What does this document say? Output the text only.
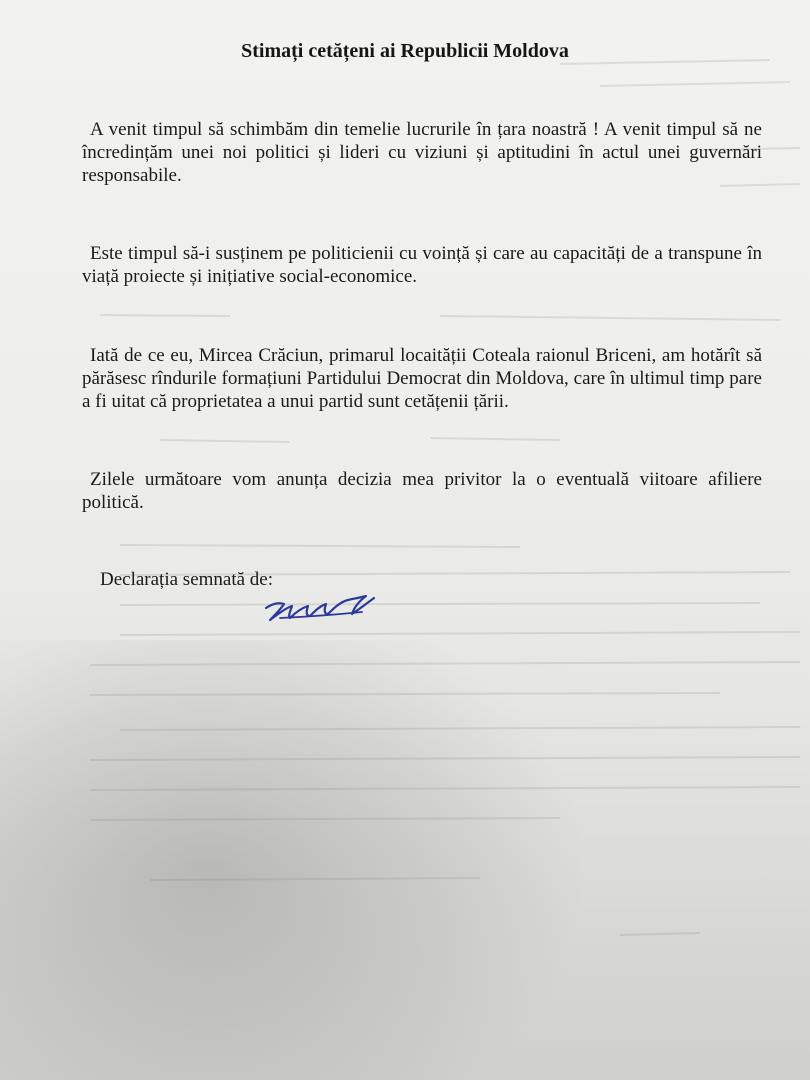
Stimați cetățeni ai Republicii Moldova
A venit timpul să schimbăm din temelie lucrurile în țara noastră ! A venit timpul să ne încredințăm unei noi politici și lideri cu viziuni și aptitudini în actul unei guvernări responsabile.
Este timpul să-i susținem pe politicienii cu voință și care au capacități de a transpune în viață proiecte și inițiative social-economice.
Iată de ce eu, Mircea Crăciun, primarul locaității Coteala raionul Briceni, am hotărît să părăsesc rîndurile formațiuni Partidului Democrat din Moldova, care în ultimul timp pare a fi uitat că proprietatea a unui partid sunt cetățenii țării.
Zilele următoare vom anunța decizia mea privitor la o eventuală viitoare afiliere politică.
Declarația semnată de:
